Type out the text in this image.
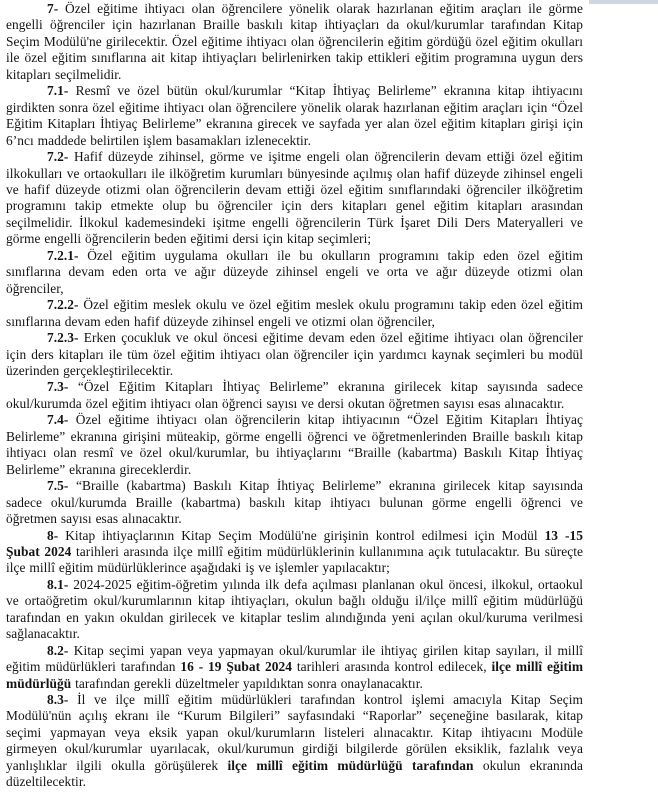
7- Özel eğitime ihtiyacı olan öğrencilere yönelik olarak hazırlanan eğitim araçları ile görme engelli öğrenciler için hazırlanan Braille baskılı kitap ihtiyaçları da okul/kurumlar tarafından Kitap Seçim Modülü'ne girilecektir. Özel eğitime ihtiyacı olan öğrencilerin eğitim gördüğü özel eğitim okulları ile özel eğitim sınıflarına ait kitap ihtiyaçları belirlenirken takip ettikleri eğitim programına uygun ders kitapları seçilmelidir.

7.1- Resmî ve özel bütün okul/kurumlar “Kitap İhtiyaç Belirleme” ekranına kitap ihtiyacını girdikten sonra özel eğitime ihtiyacı olan öğrencilere yönelik olarak hazırlanan eğitim araçları için “Özel Eğitim Kitapları İhtiyaç Belirleme” ekranına girecek ve sayfada yer alan özel eğitim kitapları girişi için 6’ncı maddede belirtilen işlem basamakları izlenecektir.

7.2- Hafif düzeyde zihinsel, görme ve işitme engeli olan öğrencilerin devam ettiği özel eğitim ilkokulları ve ortaokulları ile ilköğretim kurumları bünyesinde açılmış olan hafif düzeyde zihinsel engeli ve hafif düzeyde otizmi olan öğrencilerin devam ettiği özel eğitim sınıflarındaki öğrenciler ilköğretim programını takip etmekte olup bu öğrenciler için ders kitapları genel eğitim kitapları arasından seçilmelidir. İlkokul kademesindeki işitme engelli öğrencilerin Türk İşaret Dili Ders Materyalleri ve görme engelli öğrencilerin beden eğitimi dersi için kitap seçimleri;

7.2.1- Özel eğitim uygulama okulları ile bu okulların programını takip eden özel eğitim sınıflarına devam eden orta ve ağır düzeyde zihinsel engeli ve orta ve ağır düzeyde otizmi olan öğrenciler,

7.2.2- Özel eğitim meslek okulu ve özel eğitim meslek okulu programını takip eden özel eğitim sınıflarına devam eden hafif düzeyde zihinsel engeli ve otizmi olan öğrenciler,

7.2.3- Erken çocukluk ve okul öncesi eğitime devam eden özel eğitime ihtiyacı olan öğrenciler için ders kitapları ile tüm özel eğitim ihtiyacı olan öğrenciler için yardımcı kaynak seçimleri bu modül üzerinden gerçekleştirilecektir.

7.3- “Özel Eğitim Kitapları İhtiyaç Belirleme” ekranına girilecek kitap sayısında sadece okul/kurumda özel eğitim ihtiyacı olan öğrenci sayısı ve dersi okutan öğretmen sayısı esas alınacaktır.

7.4- Özel eğitime ihtiyacı olan öğrencilerin kitap ihtiyacının “Özel Eğitim Kitapları İhtiyaç Belirleme” ekranına girişini müteakip, görme engelli öğrenci ve öğretmenlerinden Braille baskılı kitap ihtiyacı olan resmî ve özel okul/kurumlar, bu ihtiyaçlarını “Braille (kabartma) Baskılı Kitap İhtiyaç Belirleme” ekranına gireceklerdir.

7.5- “Braille (kabartma) Baskılı Kitap İhtiyaç Belirleme” ekranına girilecek kitap sayısında sadece okul/kurumda Braille (kabartma) baskılı kitap ihtiyacı bulunan görme engelli öğrenci ve öğretmen sayısı esas alınacaktır.

8- Kitap ihtiyaçlarının Kitap Seçim Modülü'ne girişinin kontrol edilmesi için Modül 13 -15 Şubat 2024 tarihleri arasında ilçe millî eğitim müdürlüklerinin kullanımına açık tutulacaktır. Bu süreçte ilçe millî eğitim müdürlüklerince aşağıdaki iş ve işlemler yapılacaktır;

8.1- 2024-2025 eğitim-öğretim yılında ilk defa açılması planlanan okul öncesi, ilkokul, ortaokul ve ortaöğretim okul/kurumlarının kitap ihtiyaçları, okulun bağlı olduğu il/ilçe millî eğitim müdürlüğü tarafından en yakın okuldan girilecek ve kitaplar teslim alındığında yeni açılan okul/kuruma verilmesi sağlanacaktır.

8.2- Kitap seçimi yapan veya yapmayan okul/kurumlar ile ihtiyaç girilen kitap sayıları, il millî eğitim müdürlükleri tarafından 16 - 19 Şubat 2024 tarihleri arasında kontrol edilecek, ilçe millî eğitim müdürlüğü tarafından gerekli düzeltmeler yapıldıktan sonra onaylanacaktır.

8.3- İl ve ilçe millî eğitim müdürlükleri tarafından kontrol işlemi amacıyla Kitap Seçim Modülü'nün açılış ekranı ile “Kurum Bilgileri” sayfasındaki “Raporlar” seçeneğine basılarak, kitap seçimi yapmayan veya eksik yapan okul/kurumların listeleri alınacaktır. Kitap ihtiyacını Modüle girmeyen okul/kurumlar uyarılacak, okul/kurumun girdiği bilgilerde görülen eksiklik, fazlalık veya yanlışlıklar ilgili okulla görüşülerek ilçe millî eğitim müdürlüğü tarafından okulun ekranında düzeltilecektir.
